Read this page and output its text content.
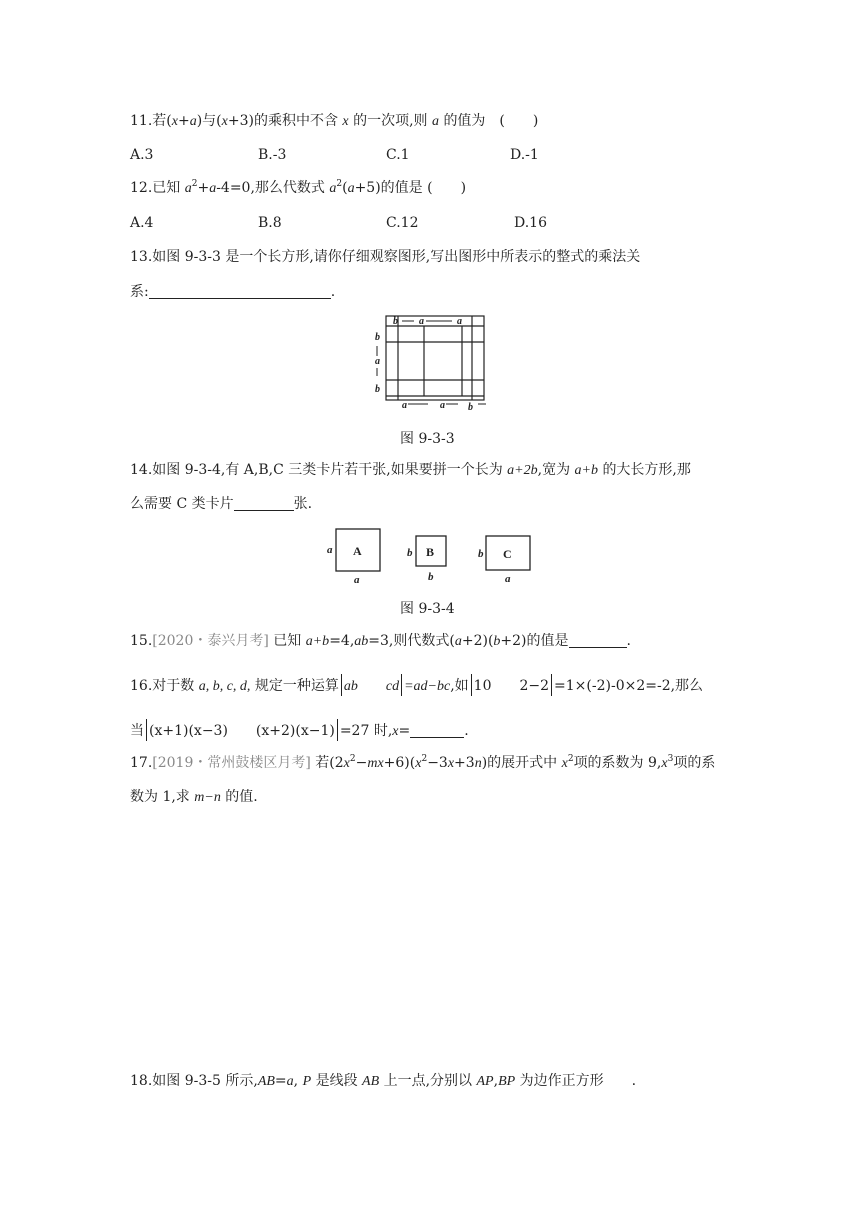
11.若(x+a)与(x+3)的乘积中不含 x 的一次项,则 a 的值为　(　　)
A.3	B.-3	C.1	D.-1
12.已知 $a^2+a-4=0$,那么代数式 $a^2(a+5)$的值是 (　　)
A.4	B.8	C.12	D.16
13.如图 9-3-3 是一个长方形,请你仔细观察图形,写出图形中所表示的整式的乘法关
系:	.
b a	a
b
a
b
a	a b
图 9-3-3
14.如图 9-3-4,有 A,B,C 三类卡片若干张,如果要拼一个长为 a+2b,宽为 a+b 的大长方形,那
么需要 C 类卡片	张.
A	B	C
a
a
b
b
b
a
图 9-3-4
15.[2020・泰兴月考] 已知 a+b=4,ab=3,则代数式(a+2)(b+2)的值是	.
16.对于数 a, b, c, d, 规定一种运算 ab　　cd =ad−bc,如 10　　2−2 =1×(-2)-0×2=-2,那么
当 (x+1)(x−3)　　(x+2)(x−1) =27 时,x=	.
17.[2019・常州鼓楼区月考] 若$(2x^2-mx+6)(x^2-3x+3n)$的展开式中 $x^2$项的系数为 $9,x^3$项的系
数为 1,求 m−n 的值.
18.如图 9-3-5 所示,AB=a, P 是线段 AB 上一点,分别以 AP,BP 为边作正方形　　.
